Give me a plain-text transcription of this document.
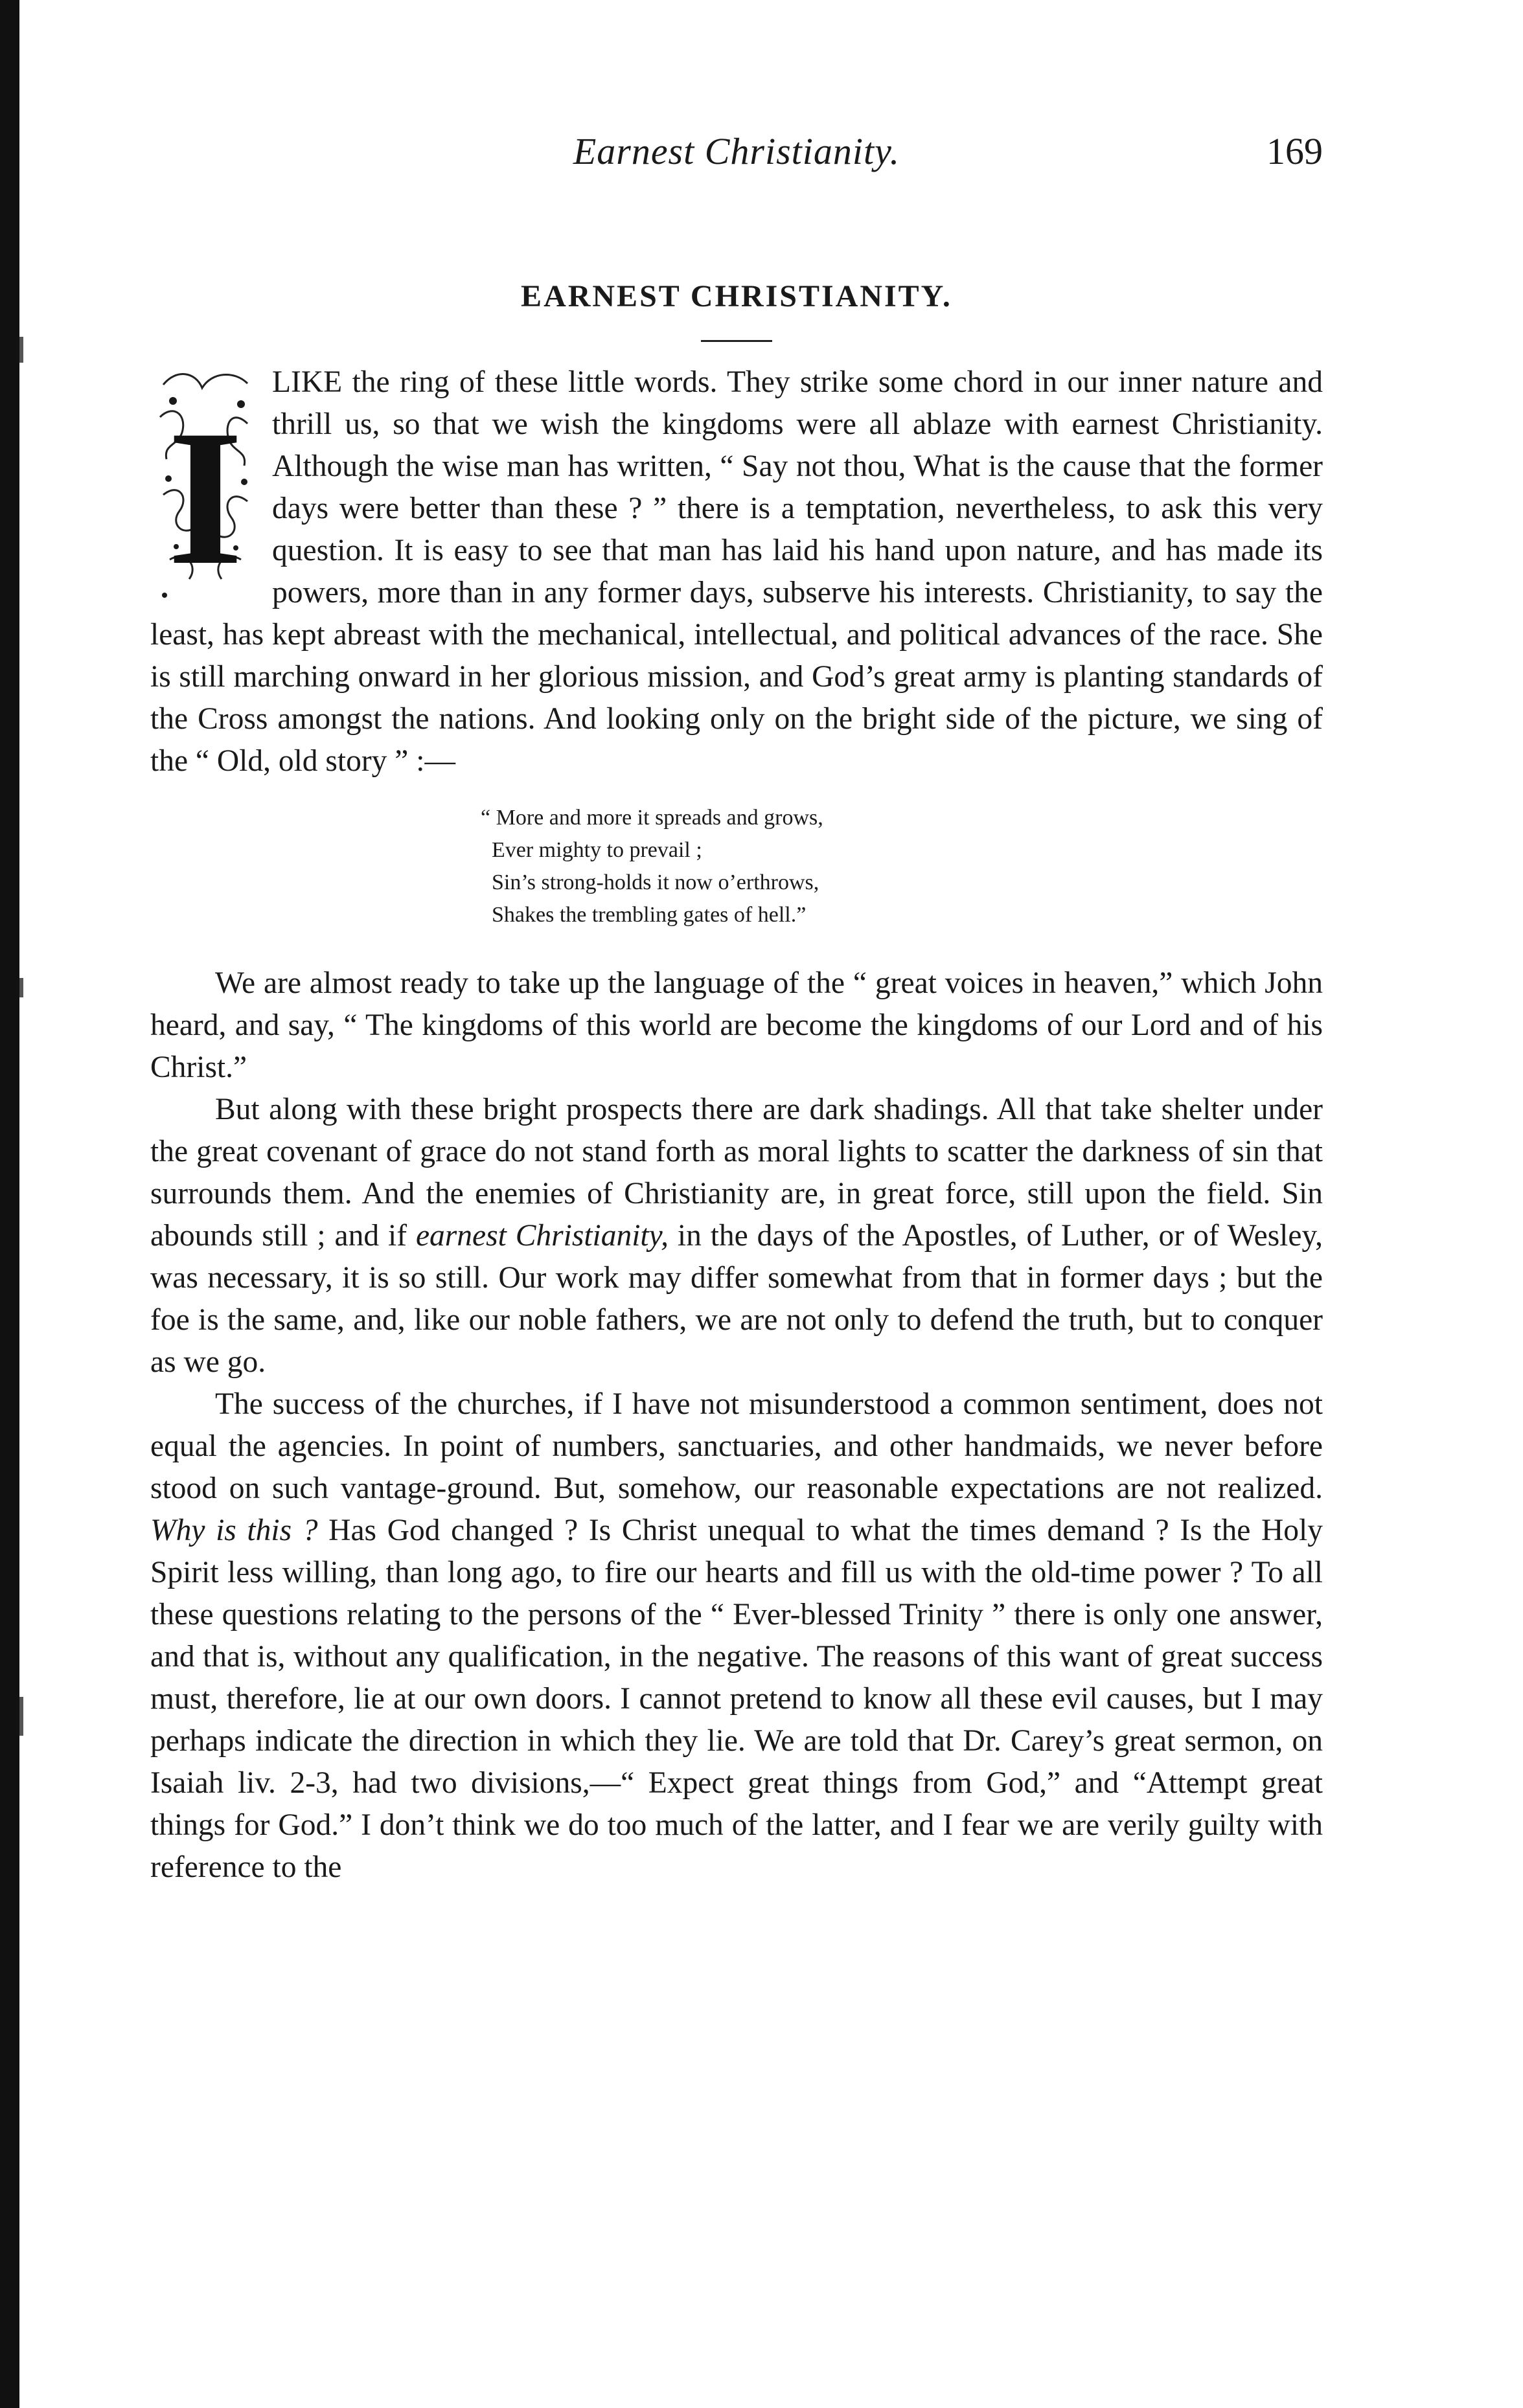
Earnest Christianity.	169
EARNEST CHRISTIANITY.

I
LIKE the ring of these little words. They strike some chord in our inner nature and thrill us, so that we wish the kingdoms were all ablaze with earnest Christianity. Although the wise man has written, “ Say not thou, What is the cause that the former days were better than these ? ” there is a temptation, nevertheless, to ask this very question. It is easy to see that man has laid his hand upon nature, and has made its powers, more than in any former days, subserve his interests. Christianity, to say the least, has kept abreast with the mechanical, intellectual, and political advances of the race. She is still marching onward in her glorious mission, and God’s great army is planting standards of the Cross amongst the nations. And looking only on the bright side of the picture, we sing of the “ Old, old story ” :—

“ More and more it spreads and grows,
Ever mighty to prevail ;
Sin’s strong-holds it now o’erthrows,
Shakes the trembling gates of hell.”

We are almost ready to take up the language of the “ great voices in heaven,” which John heard, and say, “ The kingdoms of this world are become the kingdoms of our Lord and of his Christ.”

But along with these bright prospects there are dark shadings. All that take shelter under the great covenant of grace do not stand forth as moral lights to scatter the darkness of sin that surrounds them. And the enemies of Christianity are, in great force, still upon the field. Sin abounds still ; and if earnest Christianity, in the days of the Apostles, of Luther, or of Wesley, was necessary, it is so still. Our work may differ somewhat from that in former days ; but the foe is the same, and, like our noble fathers, we are not only to defend the truth, but to conquer as we go.

The success of the churches, if I have not misunderstood a common sentiment, does not equal the agencies. In point of numbers, sanctuaries, and other handmaids, we never before stood on such vantage-ground. But, somehow, our reasonable expectations are not realized. Why is this ? Has God changed ? Is Christ unequal to what the times demand ? Is the Holy Spirit less willing, than long ago, to fire our hearts and fill us with the old-time power ? To all these questions relating to the persons of the “ Ever-blessed Trinity ” there is only one answer, and that is, without any qualification, in the negative. The reasons of this want of great success must, therefore, lie at our own doors. I cannot pretend to know all these evil causes, but I may perhaps indicate the direction in which they lie. We are told that Dr. Carey’s great sermon, on Isaiah liv. 2-3, had two divisions,—“ Expect great things from God,” and “Attempt great things for God.” I don’t think we do too much of the latter, and I fear we are verily guilty with reference to the
